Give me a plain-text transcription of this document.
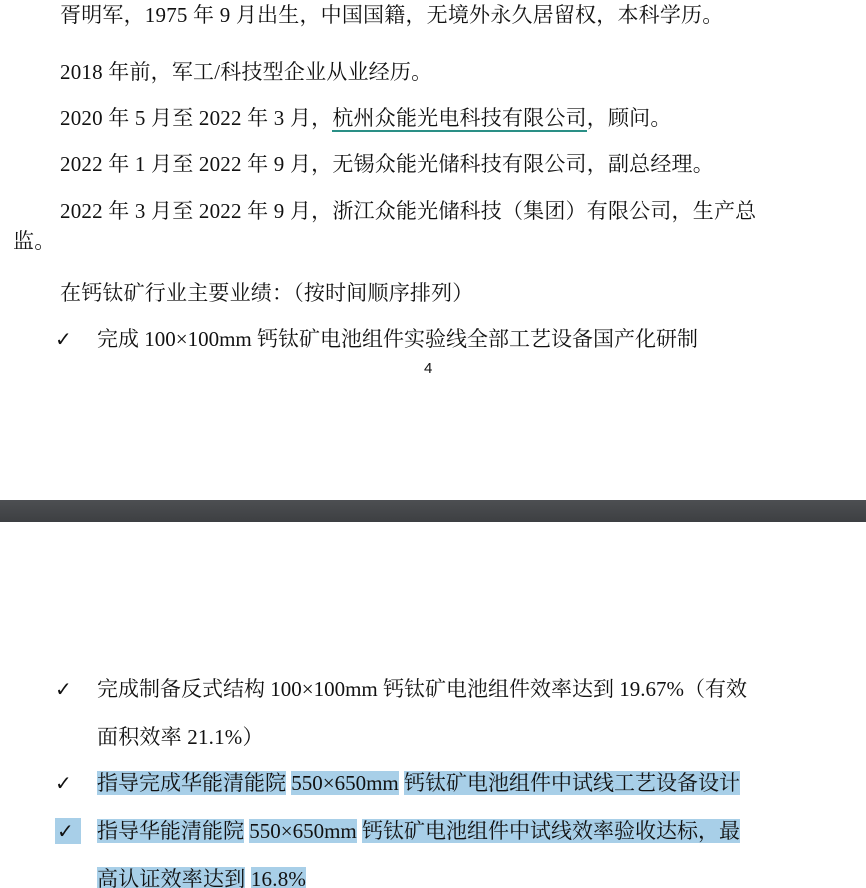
胥明军，1975 年 9 月出生，中国国籍，无境外永久居留权，本科学历。
2018 年前，军工/科技型企业从业经历。
2020 年 5 月至 2022 年 3 月，杭州众能光电科技有限公司，顾问。
2022 年 1 月至 2022 年 9 月，无锡众能光储科技有限公司，副总经理。
2022 年 3 月至 2022 年 9 月，浙江众能光储科技（集团）有限公司，生产总
监。
在钙钛矿行业主要业绩：（按时间顺序排列）
✓ 完成 100×100mm 钙钛矿电池组件实验线全部工艺设备国产化研制
4
✓ 完成制备反式结构 100×100mm 钙钛矿电池组件效率达到 19.67%（有效
面积效率 21.1%）
✓ 指导完成华能清能院 550×650mm 钙钛矿电池组件中试线工艺设备设计
✓	指导华能清能院 550×650mm 钙钛矿电池组件中试线效率验收达标，最
高认证效率达到 16.8%
